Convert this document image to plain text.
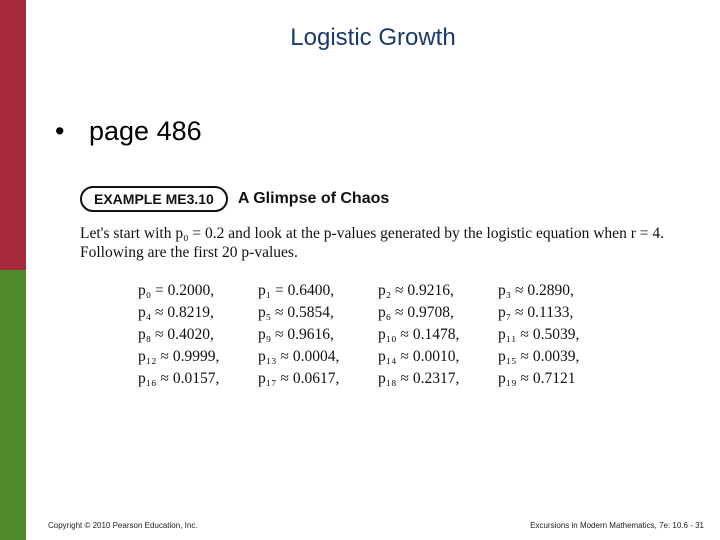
Logistic Growth
• page 486
EXAMPLE ME3.10	A Glimpse of Chaos
Let's start with p₀ = 0.2 and look at the p-values generated by the logistic equation when r = 4. Following are the first 20 p-values.
p₀ = 0.2000,	p₁ = 0.6400,	p₂ ≈ 0.9216,	p₃ ≈ 0.2890,
p₄ ≈ 0.8219,	p₅ ≈ 0.5854,	p₆ ≈ 0.9708,	p₇ ≈ 0.1133,
p₈ ≈ 0.4020,	p₉ ≈ 0.9616,	p₁₀ ≈ 0.1478,	p₁₁ ≈ 0.5039,
p₁₂ ≈ 0.9999,	p₁₃ ≈ 0.0004,	p₁₄ ≈ 0.0010,	p₁₅ ≈ 0.0039,
p₁₆ ≈ 0.0157,	p₁₇ ≈ 0.0617,	p₁₈ ≈ 0.2317,	p₁₉ ≈ 0.7121
Copyright © 2010 Pearson Education, Inc.	Excursions in Modern Mathematics, 7e: 10.6 - 31
